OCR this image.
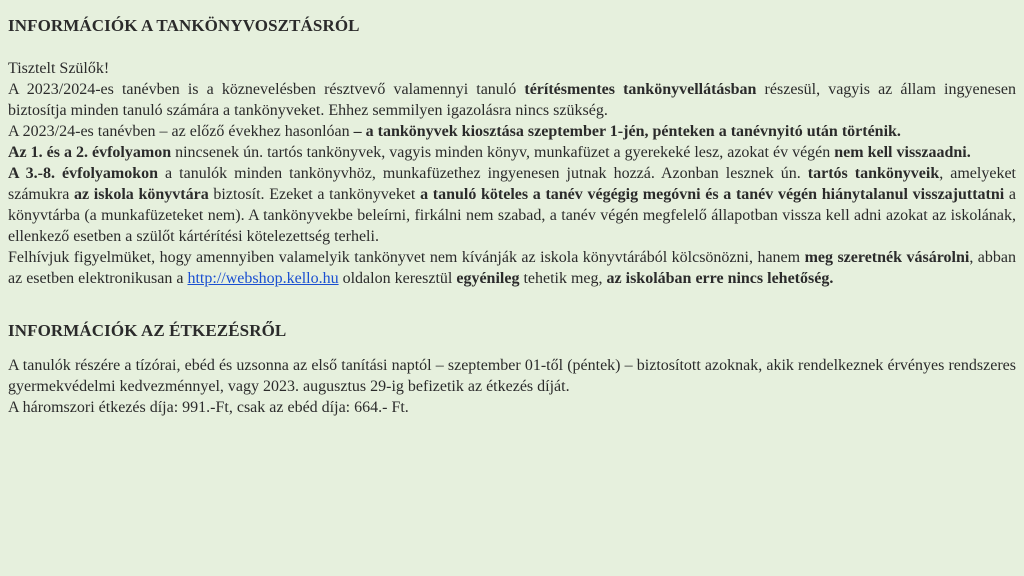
INFORMÁCIÓK A TANKÖNYVOSZTÁSRÓL

Tisztelt Szülők!

A 2023/2024-es tanévben is a köznevelésben résztvevő valamennyi tanuló térítésmentes tankönyvellátásban részesül, vagyis az állam ingyenesen biztosítja minden tanuló számára a tankönyveket. Ehhez semmilyen igazolásra nincs szükség.

A 2023/24-es tanévben – az előző évekhez hasonlóan – a tankönyvek kiosztása szeptember 1-jén, pénteken a tanévnyitó után történik.

Az 1. és a 2. évfolyamon nincsenek ún. tartós tankönyvek, vagyis minden könyv, munkafüzet a gyerekeké lesz, azokat év végén nem kell visszaadni.

A 3.-8. évfolyamokon a tanulók minden tankönyvhöz, munkafüzethez ingyenesen jutnak hozzá. Azonban lesznek ún. tartós tankönyveik, amelyeket számukra az iskola könyvtára biztosít. Ezeket a tankönyveket a tanuló köteles a tanév végégig megóvni és a tanév végén hiánytalanul visszajuttatni a könyvtárba (a munkafüzeteket nem). A tankönyvekbe beleírni, firkálni nem szabad, a tanév végén megfelelő állapotban vissza kell adni azokat az iskolának, ellenkező esetben a szülőt kártérítési kötelezettség terheli.

Felhívjuk figyelmüket, hogy amennyiben valamelyik tankönyvet nem kívánják az iskola könyvtárából kölcsönözni, hanem meg szeretnék vásárolni, abban az esetben elektronikusan a http://webshop.kello.hu oldalon keresztül egyénileg tehetik meg, az iskolában erre nincs lehetőség.

INFORMÁCIÓK AZ ÉTKEZÉSRŐL

A tanulók részére a tízórai, ebéd és uzsonna az első tanítási naptól – szeptember 01-től (péntek) – biztosított azoknak, akik rendelkeznek érvényes rendszeres gyermekvédelmi kedvezménnyel, vagy 2023. augusztus 29-ig befizetik az étkezés díját.

A háromszori étkezés díja: 991.-Ft, csak az ebéd díja: 664.- Ft.
